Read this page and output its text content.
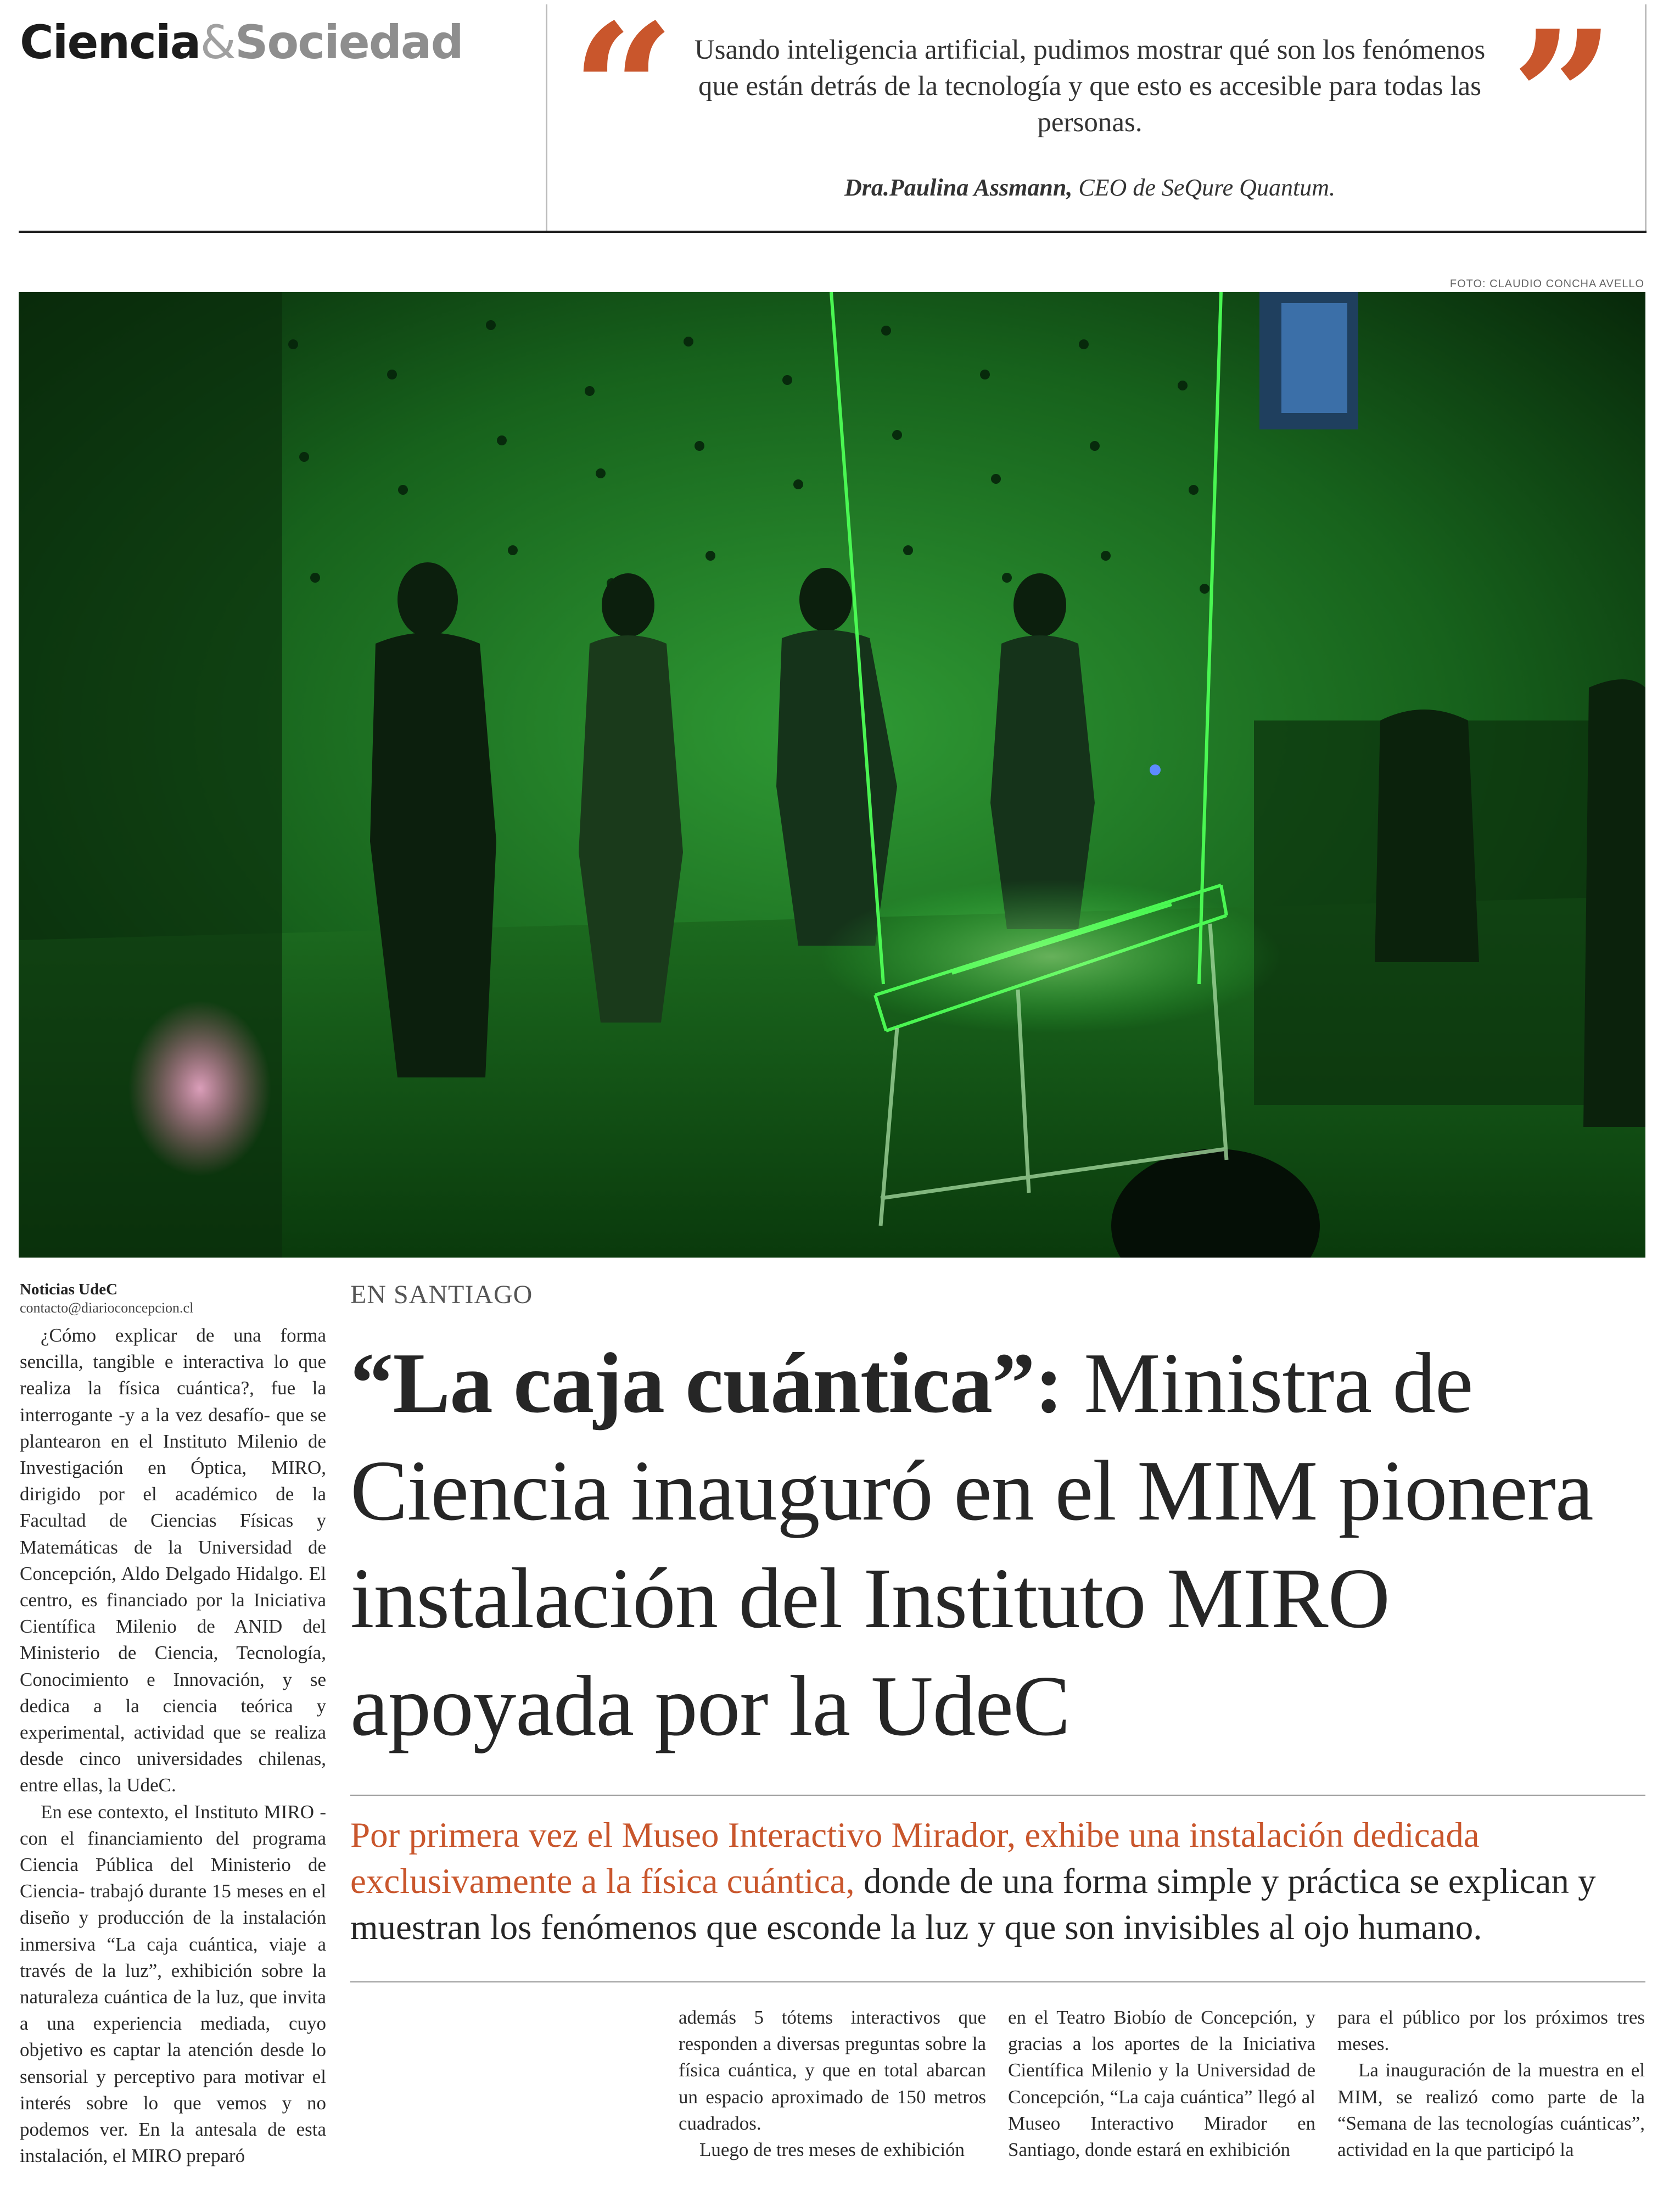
Ciencia&Sociedad “ Usando inteligencia artificial, pudimos mostrar qué son los fenómenos que están detrás de la tecnología y que esto es accesible para todas las personas.
Dra.Paulina Assmann, CEO de SeQure Quantum. ”
FOTO: CLAUDIO CONCHA AVELLO
Noticias UdeC
contacto@diarioconcepcion.cl

¿Cómo explicar de una forma sencilla, tangible e interactiva lo que realiza la física cuántica?, fue la interrogante -y a la vez desafío- que se plantearon en el Instituto Milenio de Investigación en Óptica, MIRO, dirigido por el académico de la Facultad de Ciencias Físicas y Matemáticas de la Universidad de Concepción, Aldo Delgado Hidalgo. El centro, es financiado por la Iniciativa Científica Milenio de ANID del Ministerio de Ciencia, Tecnología, Conocimiento e Innovación, y se dedica a la ciencia teórica y experimental, actividad que se realiza desde cinco universidades chilenas, entre ellas, la UdeC.

En ese contexto, el Instituto MIRO -con el financiamiento del programa Ciencia Pública del Ministerio de Ciencia- trabajó durante 15 meses en el diseño y producción de la instalación inmersiva “La caja cuántica, viaje a través de la luz”, exhibición sobre la naturaleza cuántica de la luz, que invita a una experiencia mediada, cuyo objetivo es captar la atención desde lo sensorial y perceptivo para motivar el interés sobre lo que vemos y no podemos ver. En la antesala de esta instalación, el MIRO preparó

EN SANTIAGO
“La caja cuántica”: Ministra de Ciencia inauguró en el MIM pionera instalación del Instituto MIRO apoyada por la UdeC
Por primera vez el Museo Interactivo Mirador, exhibe una instalación dedicada exclusivamente a la física cuántica, donde de una forma simple y práctica se explican y muestran los fenómenos que esconde la luz y que son invisibles al ojo humano.

además 5 tótems interactivos que responden a diversas preguntas sobre la física cuántica, y que en total abarcan un espacio aproximado de 150 metros cuadrados.

Luego de tres meses de exhibición

en el Teatro Biobío de Concepción, y gracias a los aportes de la Iniciativa Científica Milenio y la Universidad de Concepción, “La caja cuántica” llegó al Museo Interactivo Mirador en Santiago, donde estará en exhibición

para el público por los próximos tres meses.

La inauguración de la muestra en el MIM, se realizó como parte de la “Semana de las tecnologías cuánticas”, actividad en la que participó la
